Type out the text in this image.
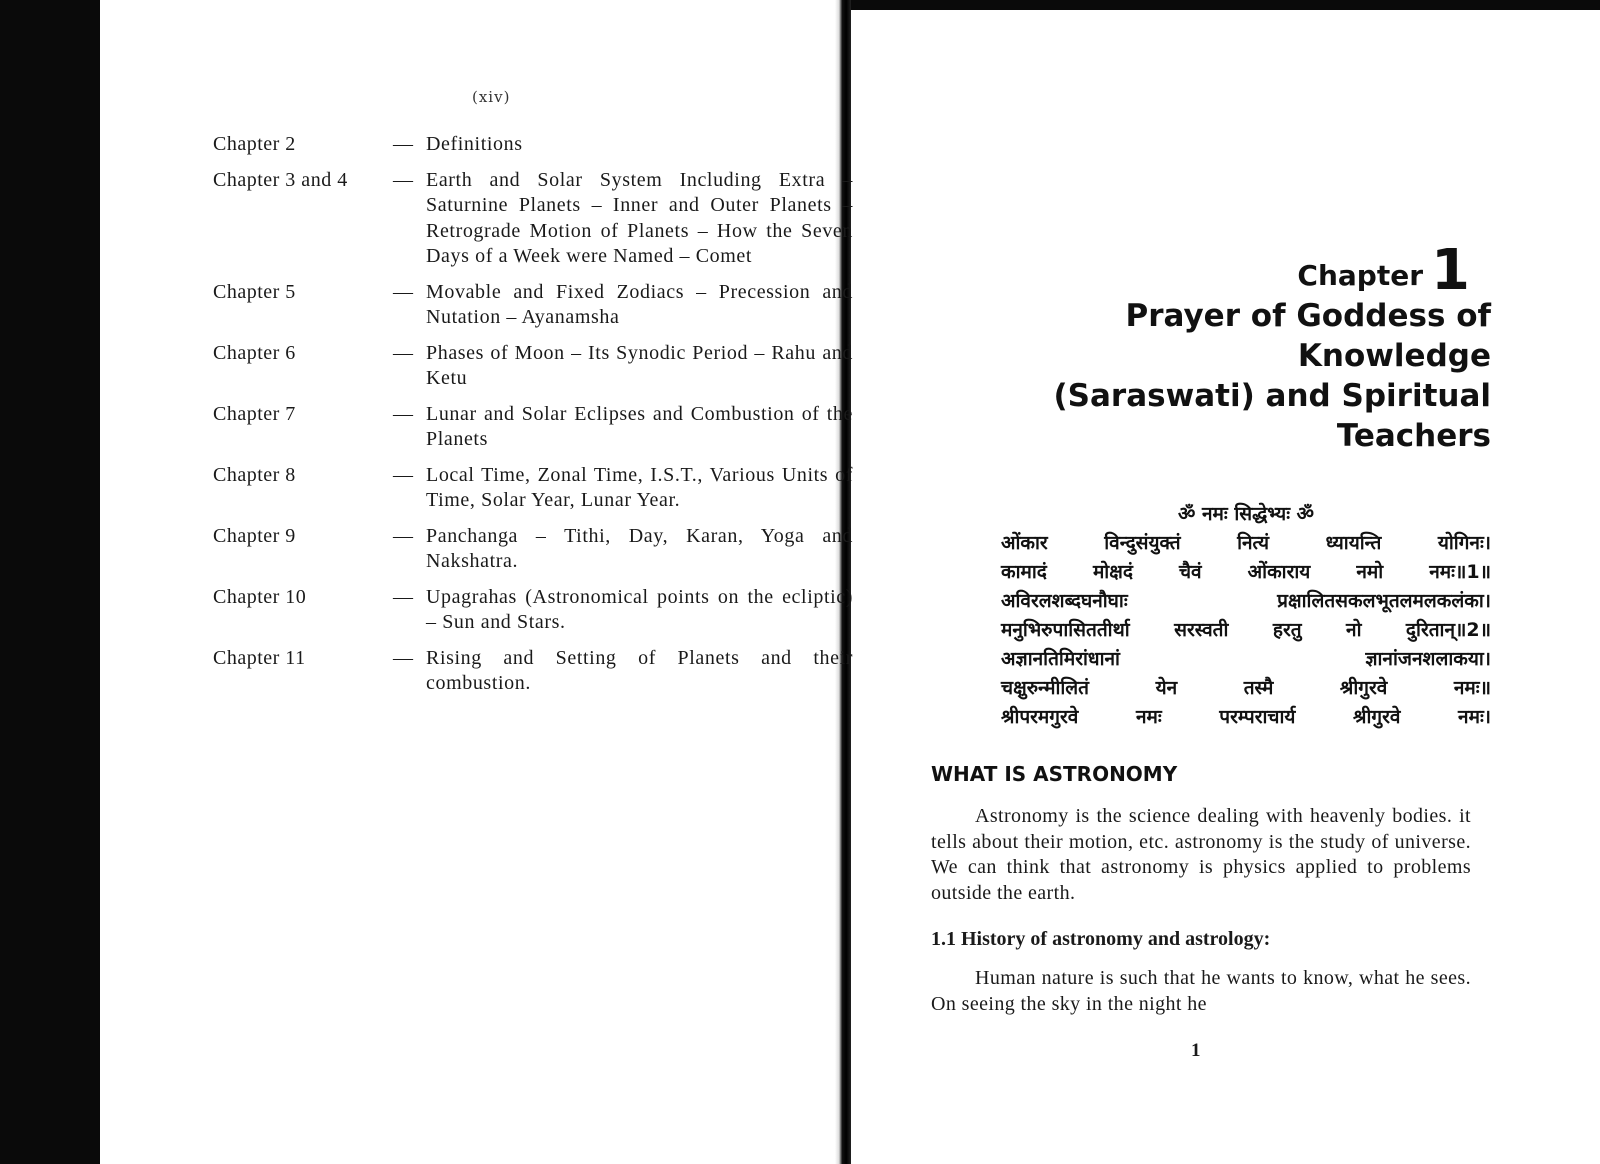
(xiv)
Chapter 2	— Definitions
Chapter 3 and 4	— Earth and Solar System Including Extra – Saturnine Planets – Inner and Outer Planets – Retrograde Motion of Planets – How the Seven Days of a Week were Named – Comet
Chapter 5	— Movable and Fixed Zodiacs – Precession and Nutation – Ayanamsha
Chapter 6	— Phases of Moon – Its Synodic Period – Rahu and Ketu
Chapter 7	— Lunar and Solar Eclipses and Combustion of the Planets
Chapter 8	— Local Time, Zonal Time, I.S.T., Various Units of Time, Solar Year, Lunar Year.
Chapter 9	— Panchanga – Tithi, Day, Karan, Yoga and Nakshatra.
Chapter 10	— Upagrahas (Astronomical points on the ecliptic) – Sun and Stars.
Chapter 11	— Rising and Setting of Planets and their combustion.
Chapter 1
Prayer of Goddess of Knowledge
(Saraswati) and Spiritual
Teachers
ॐ नमः सिद्धेभ्यः ॐ
ओंकार विन्दुसंयुक्तं नित्यं ध्यायन्ति योगिनः।
कामादं मोक्षदं चैवं ओंकाराय नमो नमः॥1॥
अविरलशब्दघनौघाः प्रक्षालितसकलभूतलमलकलंका।
मनुभिरुपासिततीर्था सरस्वती हरतु नो दुरितान्॥2॥
अज्ञानतिमिरांधानां ज्ञानांजनशलाकया।
चक्षुरुन्मीलितं येन तस्मै श्रीगुरवे नमः॥
श्रीपरमगुरवे नमः परम्पराचार्य श्रीगुरवे नमः।
WHAT IS ASTRONOMY
Astronomy is the science dealing with heavenly bodies. it tells about their motion, etc. astronomy is the study of universe. We can think that astronomy is physics applied to problems outside the earth.
1.1 History of astronomy and astrology:
Human nature is such that he wants to know, what he sees. On seeing the sky in the night he
1
